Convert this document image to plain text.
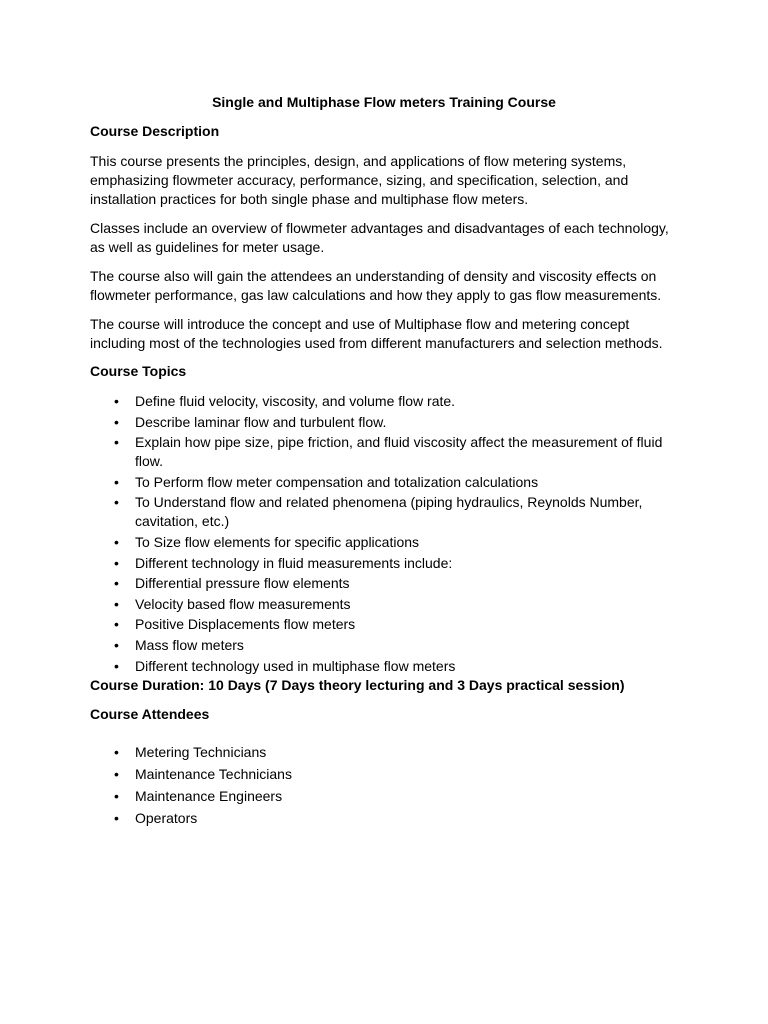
Single and Multiphase Flow meters Training Course
Course Description

This course presents the principles, design, and applications of flow metering systems, emphasizing flowmeter accuracy, performance, sizing, and specification, selection, and installation practices for both single phase and multiphase flow meters.

Classes include an overview of flowmeter advantages and disadvantages of each technology, as well as guidelines for meter usage.

The course also will gain the attendees an understanding of density and viscosity effects on flowmeter performance, gas law calculations and how they apply to gas flow measurements.

The course will introduce the concept and use of Multiphase flow and metering concept including most of the technologies used from different manufacturers and selection methods.

Course Topics
• Define fluid velocity, viscosity, and volume flow rate.
• Describe laminar flow and turbulent flow.
• Explain how pipe size, pipe friction, and fluid viscosity affect the measurement of fluid flow.
• To Perform flow meter compensation and totalization calculations
• To Understand flow and related phenomena (piping hydraulics, Reynolds Number, cavitation, etc.)
• To Size flow elements for specific applications
• Different technology in fluid measurements include:
• Differential pressure flow elements
• Velocity based flow measurements
• Positive Displacements flow meters
• Mass flow meters
• Different technology used in multiphase flow meters
Course Duration: 10 Days (7 Days theory lecturing and 3 Days practical session)
Course Attendees
• Metering Technicians
• Maintenance Technicians
• Maintenance Engineers
• Operators
